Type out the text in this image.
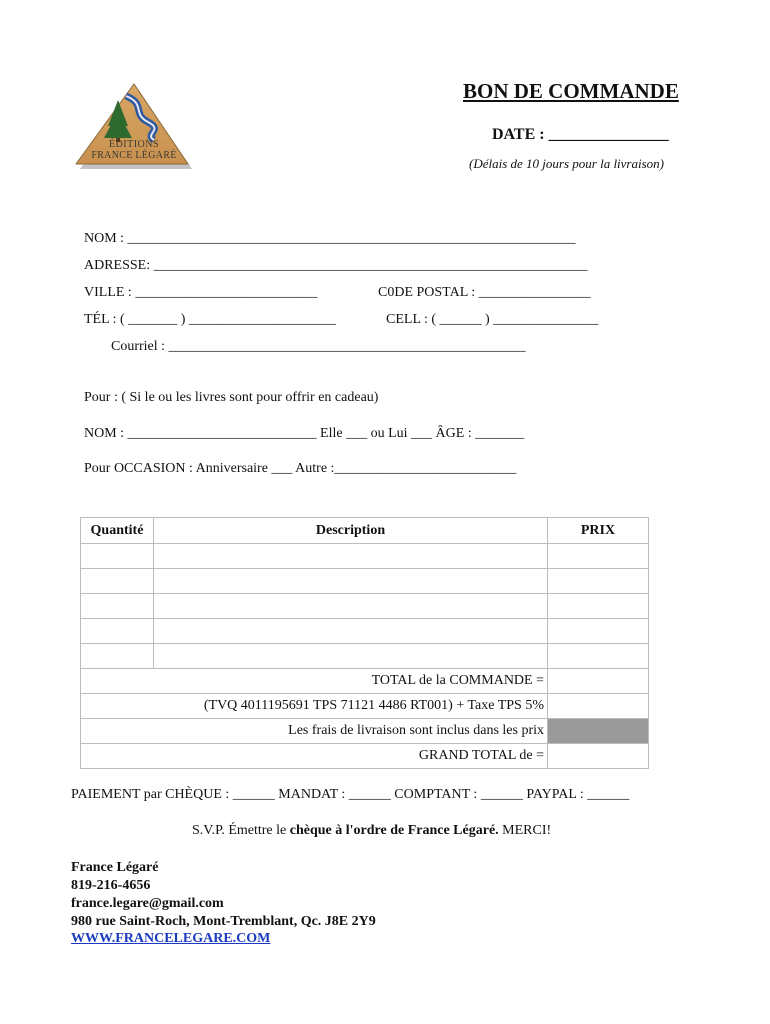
ÉDITIONS
FRANCE LÉGARÉ
BON DE COMMANDE
DATE : _______________
(Délais de 10 jours pour la livraison)
NOM : ________________________________________________________________
ADRESSE: ______________________________________________________________
VILLE : __________________________	C0DE POSTAL : ________________
TÉL : ( _______ ) _____________________	CELL : ( ______ ) _______________
Courriel : ___________________________________________________
Pour : ( Si le ou les livres sont pour offrir en cadeau)
NOM : ___________________________ Elle ___ ou Lui ___ ÂGE : _______
Pour OCCASION : Anniversaire ___ Autre :__________________________
Quantité	Description	PRIX

TOTAL de la COMMANDE =		
(TVQ 4011195691 TPS 71121 4486 RT001) + Taxe TPS 5%		
Les frais de livraison sont inclus dans les prix		
GRAND TOTAL de =		
PAIEMENT par CHÈQUE : ______ MANDAT : ______ COMPTANT : ______ PAYPAL : ______
S.V.P. Émettre le chèque à l'ordre de France Légaré. MERCI!
France Légaré
819-216-4656
france.legare@gmail.com
980 rue Saint-Roch, Mont-Tremblant, Qc. J8E 2Y9
WWW.FRANCELEGARE.COM
